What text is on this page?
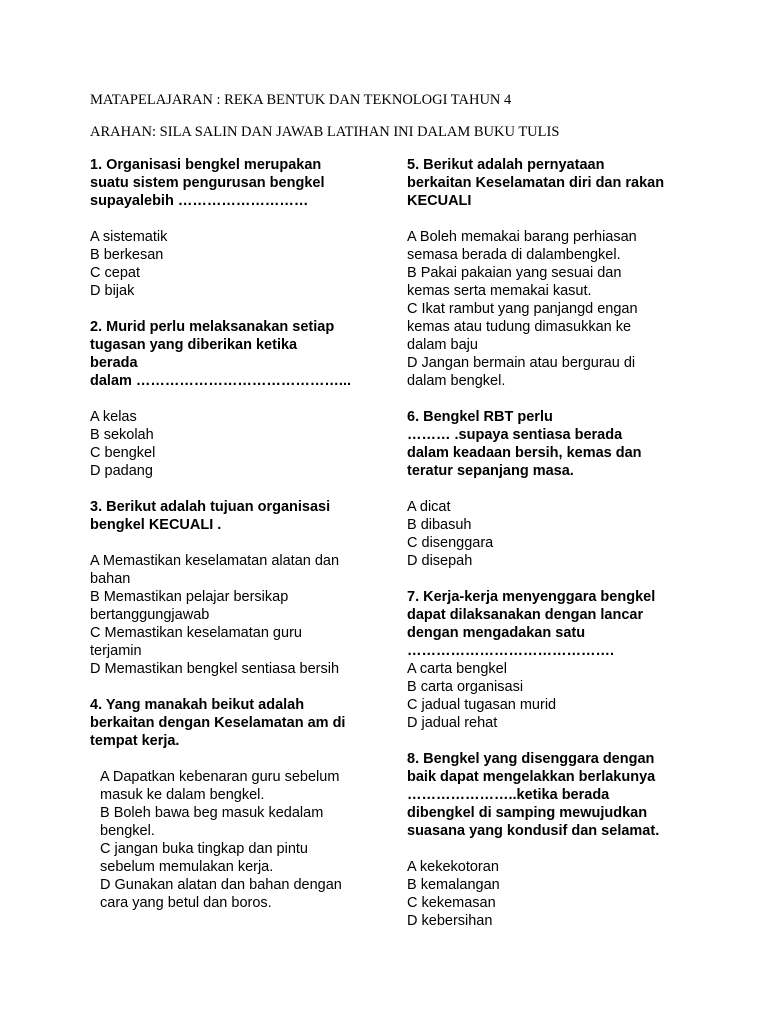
MATAPELAJARAN : REKA BENTUK DAN TEKNOLOGI TAHUN 4
ARAHAN: SILA SALIN DAN JAWAB LATIHAN INI DALAM BUKU TULIS
1. Organisasi bengkel merupakan
suatu sistem pengurusan bengkel
supayalebih ………………………
A sistematik
B berkesan
C cepat
D bijak
2. Murid perlu melaksanakan setiap
tugasan yang diberikan ketika
berada
dalam ……………………………………...
A kelas
B sekolah
C bengkel
D padang
3. Berikut adalah tujuan organisasi
bengkel KECUALI .
A Memastikan keselamatan alatan dan
bahan
B Memastikan pelajar bersikap
bertanggungjawab
C Memastikan keselamatan guru
terjamin
D Memastikan bengkel sentiasa bersih
4. Yang manakah beikut adalah
berkaitan dengan Keselamatan am di
tempat kerja.
A Dapatkan kebenaran guru sebelum
masuk ke dalam bengkel.
B Boleh bawa beg masuk kedalam
bengkel.
C jangan buka tingkap dan pintu
sebelum memulakan kerja.
D Gunakan alatan dan bahan dengan
cara yang betul dan boros.
5. Berikut adalah pernyataan
berkaitan Keselamatan diri dan rakan
KECUALI
A Boleh memakai barang perhiasan
semasa berada di dalambengkel.
B Pakai pakaian yang sesuai dan
kemas serta memakai kasut.
C Ikat rambut yang panjangd engan
kemas atau tudung dimasukkan ke
dalam baju
D Jangan bermain atau bergurau di
dalam bengkel.
6. Bengkel RBT perlu
……… .supaya sentiasa berada
dalam keadaan bersih, kemas dan
teratur sepanjang masa.
A dicat
B dibasuh
C disenggara
D disepah
7. Kerja-kerja menyenggara bengkel
dapat dilaksanakan dengan lancar
dengan mengadakan satu
…………………………………….
A carta bengkel
B carta organisasi
C jadual tugasan murid
D jadual rehat
8. Bengkel yang disenggara dengan
baik dapat mengelakkan berlakunya
…………………..ketika berada
dibengkel di samping mewujudkan
suasana yang kondusif dan selamat.
A kekekotoran
B kemalangan
C kekemasan
D kebersihan
